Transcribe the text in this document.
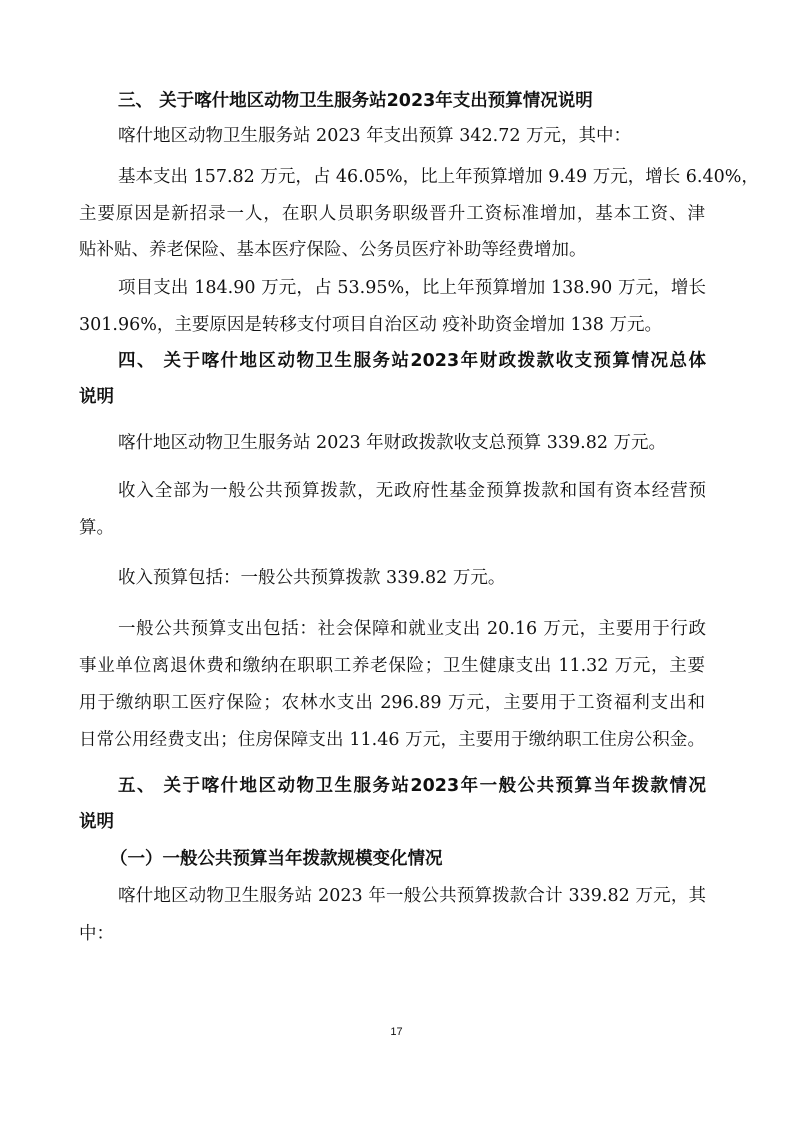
三、 关于喀什地区动物卫生服务站2023年支出预算情况说明
喀什地区动物卫生服务站 2023 年支出预算 342.72 万元，其中：
基本支出 157.82 万元，占 46.05%，比上年预算增加 9.49 万元，增长 6.40%，
主要原因是新招录一人，在职人员职务职级晋升工资标准增加，基本工资、津
贴补贴、养老保险、基本医疗保险、公务员医疗补助等经费增加。
项目支出 184.90 万元，占 53.95%，比上年预算增加 138.90 万元，增长
301.96%，主要原因是转移支付项目自治区动 疫补助资金增加 138 万元。
四、 关于喀什地区动物卫生服务站2023年财政拨款收支预算情况总体
说明
喀什地区动物卫生服务站 2023 年财政拨款收支总预算 339.82 万元。
收入全部为一般公共预算拨款，无政府性基金预算拨款和国有资本经营预
算。
收入预算包括：一般公共预算拨款 339.82 万元。
一般公共预算支出包括：社会保障和就业支出 20.16 万元，主要用于行政
事业单位离退休费和缴纳在职职工养老保险；卫生健康支出 11.32 万元，主要
用于缴纳职工医疗保险；农林水支出 296.89 万元，主要用于工资福利支出和
日常公用经费支出；住房保障支出 11.46 万元，主要用于缴纳职工住房公积金。
五、 关于喀什地区动物卫生服务站2023年一般公共预算当年拨款情况
说明
（一）一般公共预算当年拨款规模变化情况
喀什地区动物卫生服务站 2023 年一般公共预算拨款合计 339.82 万元，其
中：
17
